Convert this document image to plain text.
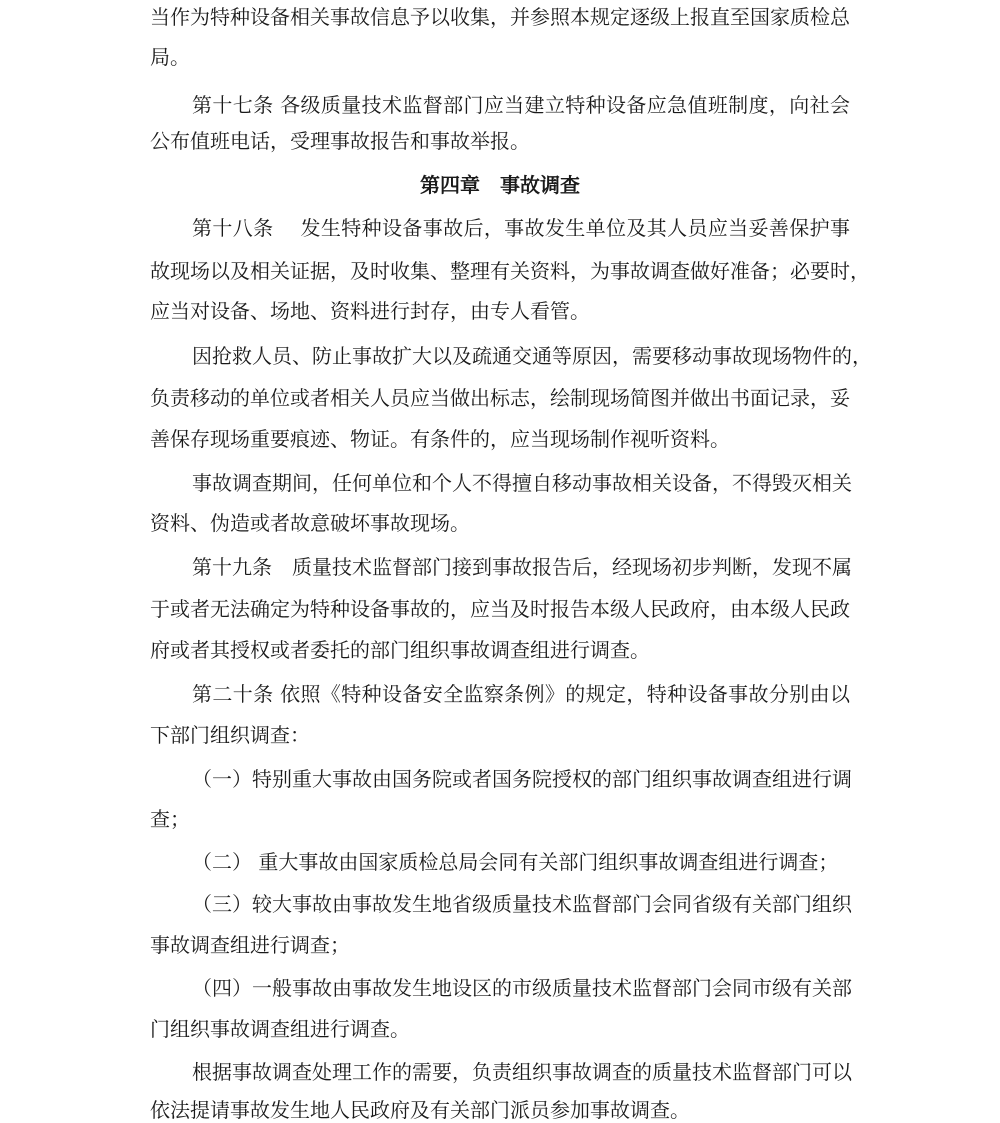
当作为特种设备相关事故信息予以收集，并参照本规定逐级上报直至国家质检总
局。
第十七条 各级质量技术监督部门应当建立特种设备应急值班制度，向社会
公布值班电话，受理事故报告和事故举报。
第四章　事故调查
第十八条　 发生特种设备事故后，事故发生单位及其人员应当妥善保护事
故现场以及相关证据，及时收集、整理有关资料，为事故调查做好准备；必要时，
应当对设备、场地、资料进行封存，由专人看管。
因抢救人员、防止事故扩大以及疏通交通等原因，需要移动事故现场物件的，
负责移动的单位或者相关人员应当做出标志，绘制现场简图并做出书面记录，妥
善保存现场重要痕迹、物证。有条件的，应当现场制作视听资料。
事故调查期间，任何单位和个人不得擅自移动事故相关设备，不得毁灭相关
资料、伪造或者故意破坏事故现场。
第十九条　质量技术监督部门接到事故报告后，经现场初步判断，发现不属
于或者无法确定为特种设备事故的，应当及时报告本级人民政府，由本级人民政
府或者其授权或者委托的部门组织事故调查组进行调查。
第二十条 依照《特种设备安全监察条例》的规定，特种设备事故分别由以
下部门组织调查：
（一）特别重大事故由国务院或者国务院授权的部门组织事故调查组进行调
查；
（二） 重大事故由国家质检总局会同有关部门组织事故调查组进行调查；
（三）较大事故由事故发生地省级质量技术监督部门会同省级有关部门组织
事故调查组进行调查；
（四）一般事故由事故发生地设区的市级质量技术监督部门会同市级有关部
门组织事故调查组进行调查。
根据事故调查处理工作的需要，负责组织事故调查的质量技术监督部门可以
依法提请事故发生地人民政府及有关部门派员参加事故调查。
